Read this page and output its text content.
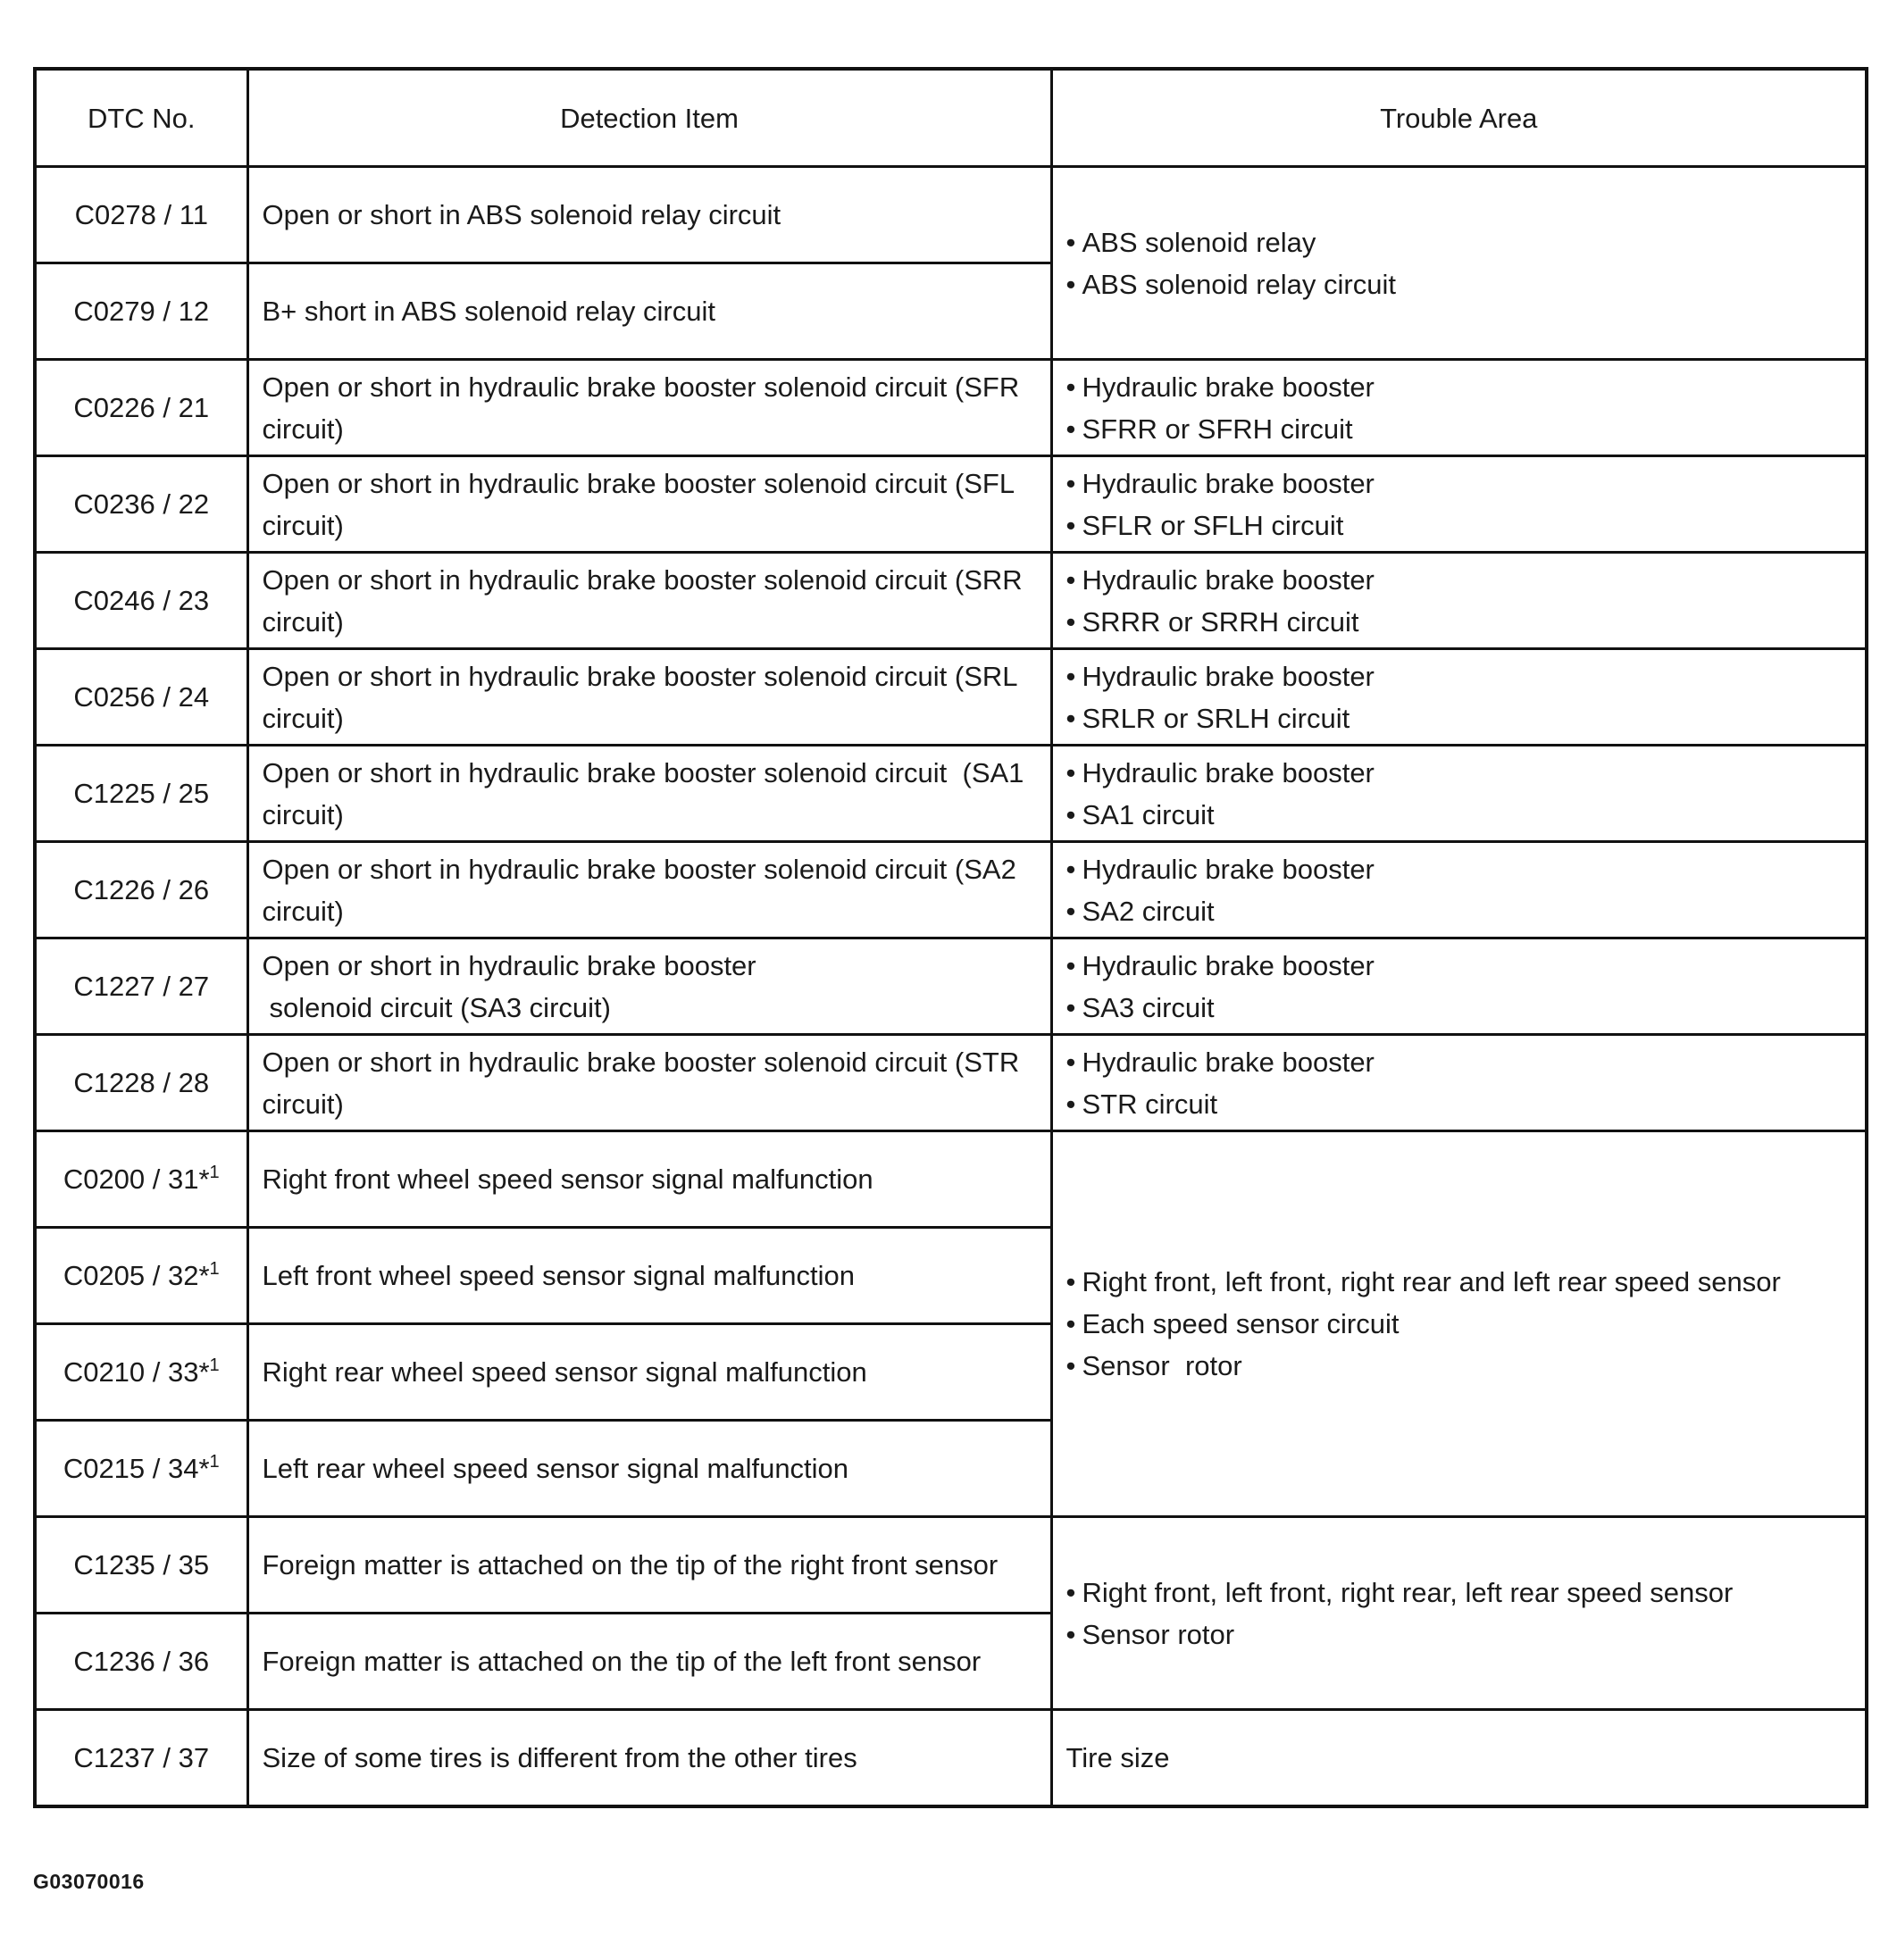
DTC No.	Detection Item	Trouble Area
C0278 / 11	Open or short in ABS solenoid relay circuit	• ABS solenoid relay
• ABS solenoid relay circuit

C0279 / 12	B+ short in ABS solenoid relay circuit	
C0226 / 21	Open or short in hydraulic brake booster solenoid circuit (SFR circuit)	• Hydraulic brake booster
• SFRR or SFRH circuit

C0236 / 22	Open or short in hydraulic brake booster solenoid circuit (SFL circuit)	• Hydraulic brake booster
• SFLR or SFLH circuit

C0246 / 23	Open or short in hydraulic brake booster solenoid circuit (SRR circuit)	• Hydraulic brake booster
• SRRR or SRRH circuit

C0256 / 24	Open or short in hydraulic brake booster solenoid circuit (SRL circuit)	• Hydraulic brake booster
• SRLR or SRLH circuit

C1225 / 25	Open or short in hydraulic brake booster solenoid circuit  (SA1 circuit)	• Hydraulic brake booster
• SA1 circuit

C1226 / 26	Open or short in hydraulic brake booster solenoid circuit (SA2 circuit)	• Hydraulic brake booster
• SA2 circuit

C1227 / 27	Open or short in hydraulic brake booster
solenoid circuit (SA3 circuit)	• Hydraulic brake booster
• SA3 circuit

C1228 / 28	Open or short in hydraulic brake booster solenoid circuit (STR circuit)	• Hydraulic brake booster
• STR circuit

C0200 / 31*$^1$	Right front wheel speed sensor signal malfunction	• Right front, left front, right rear and left rear speed sensor
• Each speed sensor circuit
• Sensor  rotor

C0205 / 32*$^1$	Left front wheel speed sensor signal malfunction	
C0210 / 33*$^1$	Right rear wheel speed sensor signal malfunction	
C0215 / 34*$^1$	Left rear wheel speed sensor signal malfunction	
C1235 / 35	Foreign matter is attached on the tip of the right front sensor	• Right front, left front, right rear, left rear speed sensor
• Sensor rotor

C1236 / 36	Foreign matter is attached on the tip of the left front sensor	
C1237 / 37	Size of some tires is different from the other tires	Tire size
G03070016
